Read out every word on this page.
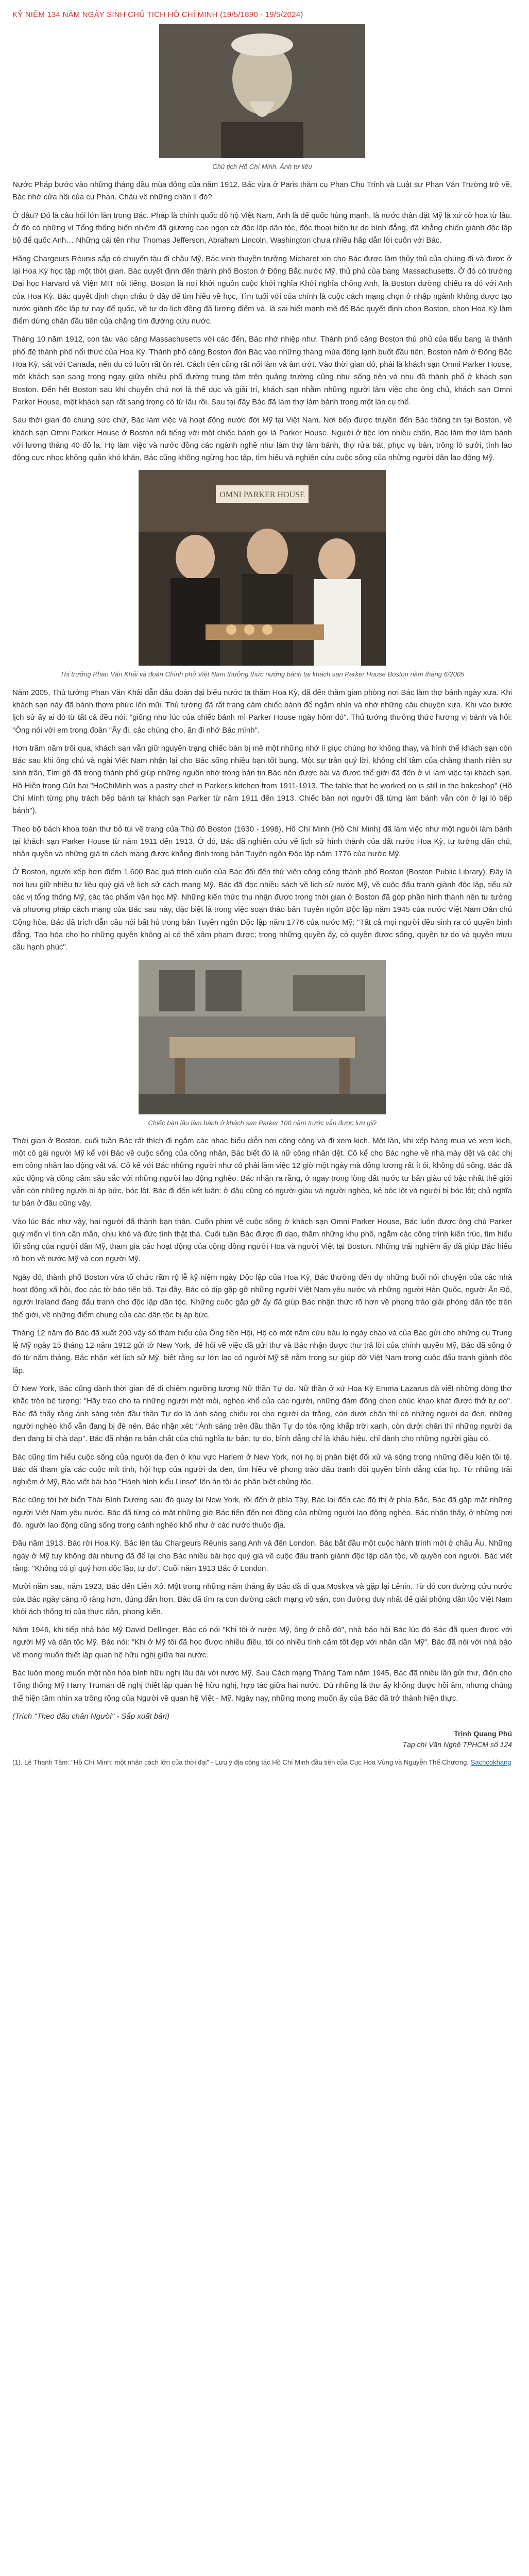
KỶ NIỆM 134 NĂM NGÀY SINH CHỦ TỊCH HỒ CHÍ MINH (19/5/1890 - 19/5/2024)
Chủ tịch Hồ Chí Minh. Ảnh tư liệu

Nước Pháp bước vào những tháng đầu mùa đông của năm 1912. Bác vừa ở Paris thăm cụ Phan Chu Trinh và Luật sư Phan Văn Trường trở về. Bác nhờ cửa hồi của cụ Phan. Châu về những chân lí đó?

Ở đâu? Đó là câu hỏi lớn lăn trong Bác. Pháp là chính quốc đô hộ Việt Nam, Anh là đế quốc hùng mạnh, là nước thân đặt Mỹ là xứ cờ hoa từ lâu. Ở đó có những ví Tổng thống biến nhiệm đã giương cao ngọn cờ độc lập dân tộc, độc thoại hiện tự do bình đẳng, đã khẳng chiến giành độc lập bộ để quốc Anh… Những cái tên như Thomas Jefferson, Abraham Lincoln, Washington chưa nhiều hấp dẫn lời cuốn với Bác.

Hãng Chargeurs Réunis sắp có chuyến tàu đi chậu Mỹ, Bác vinh thuyền trưởng Micharet xin cho Bác được làm thủy thủ của chúng đi và được ở lại Hoa Kỳ học tập một thời gian. Bác quyết định đến thành phố Boston ở Đông Bắc nước Mỹ, thủ phủ của bang Massachusetts. Ở đó có trường Đại học Harvard và Viện MIT nổi tiếng, Boston là nơi khởi nguồn cuộc khởi nghĩa Khởi nghĩa chống Anh, là Boston dường chiếu ra đó với Anh của Hoa Kỳ. Bác quyết định chọn châu ở đây để tìm hiểu về học, Tìm tuổi với của chính là cuộc cách mạng chọn ở nhập ngành không được tạo nước giành độc lập tự nay để quốc, về tự do lịch đồng đã lương điểm và, là sai hiểt mạnh mẽ để Bác quyết định chọn Boston, chọn Hoa Kỳ làm điểm dừng chân đầu tiên của chặng tìm đường cứu nước.

Tháng 10 năm 1912, con tàu vào cảng Massachusetts với các đến, Bác nhớ nhiệp như. Thành phố cảng Boston thủ phủ của tiểu bang là thành phố đệ thành phố nổi thức của Hoa Kỳ. Thành phố cảng Boston đón Bác vào những tháng mùa đông lạnh buốt đầu tiên, Boston năm ở Đông Bắc Hoa Kỳ, sát với Canada, nên du có luồn rất ôn rét. Cách tiên cũng rất nổi làm và ảm ướt. Vào thời gian đó, phái là khách sạn Omni Parker House, một khách sạn sang trọng ngay giữa nhiều phố đường trung tâm trên quảng trường cũng như sống tiện và nhu đồ thành phố ở khách sạn Boston. Đến hết Boston sau khi chuyển chú nơi là thể dục và giải trí, khách sạn nhằm những người làm việc cho ông chủ, khách sạn Omni Parker House, một khách sạn rất sang trọng có từ lâu rồi. Sau tại đây Bác đã làm thợ làm bánh trong một lán cụ thể.

Sau thời gian đó chung sức chứ, Bác làm việc và hoạt động nước đời Mỹ tại Việt Nam. Nơi bếp được truyền đến Bác thông tin tại Boston, về khách sạn Omni Parker House ở Boston nổi tiếng với một chiếc bánh gọi là Parker House. Người ở tiệc lớn nhiều chốn, Bác làm thợ làm bánh với lương tháng 40 đô la. Họ làm việc và nước đồng các ngành nghề như làm thợ làm bánh, thợ rửa bát, phục vụ bàn, trông lò sưởi, tính lao động cực nhọc không quản khó khăn, Bác cũng không ngừng học tập, tìm hiểu và nghiên cứu cuộc sống của những người dân lao động Mỹ.

OMNI PARKER HOUSE
Thị trưởng Phan Văn Khải và đoàn Chính phủ Việt Nam thưởng thức nướng bánh tại khách sạn Parker House Boston năm tháng 6/2005

Năm 2005, Thủ tướng Phan Văn Khải dẫn đầu đoàn đại biểu nước ta thăm Hoa Kỳ, đã đến thăm gian phòng nơi Bác làm thợ bánh ngày xưa. Khi khách sạn này đã bánh thơm phức lên mũi. Thủ tướng đã rất trang cảm chiếc bánh để ngắm nhìn và nhớ những câu chuyện xưa. Khi vào bước lịch sử ấy ai đó từ tất cả đều nói: "giống như lúc của chiếc bánh mì Parker House ngày hôm đó". Thủ tướng thưởng thức hương vị bánh và hỏi: "Ông nói với em trong đoàn "Ấy đi, các chúng cho, ăn đi nhớ Bác mình".

Hơn trăm năm trôi qua, khách sạn vẫn giữ nguyên trạng chiếc bàn bị mê một những nhớ lí giục chúng hơ không thay, và hình thể khách sạn còn Bác sau khi ông chủ và ngài Việt Nam nhận lại cho Bác sống nhiều bạn tốt bụng. Một sự trân quý lời, không chỉ tầm của chàng thanh niên sự sinh trân, Tìm gỗ đã trong thành phố giúp những nguồn nhớ trong bản tin Bác nên được bài và được thể giới đã đến ở vì làm việc tại khách sạn. Hồ Hiền trong Gửi hai "HoChiMinh was a pastry chef in Parker's kitchen from 1911-1913. The table that he worked on is still in the bakeshop" (Hồ Chí Minh từng phụ trách bếp bánh tại khách sạn Parker từ năm 1911 đến 1913. Chiếc bàn nơi người đã từng làm bánh vẫn còn ở lại lò bếp bánh").

Theo bộ bách khoa toàn thư bỏ túi về trang của Thủ đô Boston (1630 - 1998), Hồ Chí Minh (Hồ Chí Minh) đã làm việc như một người làm bánh tại khách sạn Parker House từ năm 1911 đến 1913. Ở đó, Bác đã nghiên cứu về lịch sử hình thành của đất nước Hoa Kỳ, tư tưởng dân chủ, nhân quyền và những giá trị cách mạng được khẳng định trong bản Tuyên ngôn Độc lập năm 1776 của nước Mỹ.

Ở Boston, người xếp hơn điểm 1.600 Bác quá trình cuốn của Bác đối đến thứ viên công cộng thành phố Boston (Boston Public Library). Đây là nơi lưu giữ nhiều tư liệu quý giá về lịch sử cách mạng Mỹ. Bác đã đọc nhiều sách về lịch sử nước Mỹ, về cuộc đấu tranh giành độc lập, tiểu sử các vị tổng thống Mỹ, các tác phẩm văn học Mỹ. Những kiến thức thu nhận được trong thời gian ở Boston đã góp phần hình thành nên tư tưởng và phương pháp cách mạng của Bác sau này, đặc biệt là trong việc soạn thảo bản Tuyên ngôn Độc lập năm 1945 của nước Việt Nam Dân chủ Cộng hòa, Bác đã trích dẫn câu nói bất hủ trong bản Tuyên ngôn Độc lập năm 1776 của nước Mỹ: "Tất cả mọi người đều sinh ra có quyền bình đẳng. Tạo hóa cho họ những quyền không ai có thể xâm phạm được; trong những quyền ấy, có quyền được sống, quyền tự do và quyền mưu cầu hạnh phúc".

Chiếc bàn lâu làm bánh ở khách sạn Parker 100 năm trước vẫn được lưu giữ

Thời gian ở Boston, cuối tuần Bác rất thích đi ngắm các nhạc biểu diễn nơi công cộng và đi xem kịch. Một lần, khi xếp hàng mua vé xem kịch, một cô gái người Mỹ kể với Bác về cuộc sống của công nhân, Bác biết đó là nữ công nhân dệt. Cô kể cho Bác nghe về nhà máy dệt và các chị em công nhân lao động vất vả. Cô kể với Bác những người như cô phải làm việc 12 giờ một ngày mà đồng lương rất ít ỏi, không đủ sống. Bác đã xúc động và đồng cảm sâu sắc với những người lao động nghèo. Bác nhận ra rằng, ở ngay trong lòng đất nước tư bản giàu có bậc nhất thế giới vẫn còn những người bị áp bức, bóc lột. Bác đi đến kết luận: ở đâu cũng có người giàu và người nghèo, kẻ bóc lột và người bị bóc lột; chủ nghĩa tư bản ở đâu cũng vậy.

Vào lúc Bác như vậy, hai người đã thành bạn thân. Cuốn phim về cuộc sống ở khách sạn Omni Parker House, Bác luôn được ông chủ Parker quý mến vì tính cần mẫn, chịu khó và đức tính thật thà. Cuối tuần Bác được đi dạo, thăm những khu phố, ngắm các công trình kiến trúc, tìm hiểu lối sống của người dân Mỹ, tham gia các hoạt động của cộng đồng người Hoa và người Việt tại Boston. Những trải nghiệm ấy đã giúp Bác hiểu rõ hơn về nước Mỹ và con người Mỹ.

Ngày đó, thành phố Boston vừa tổ chức rầm rộ lễ kỷ niệm ngày Độc lập của Hoa Kỳ, Bác thường đến dự những buổi nói chuyện của các nhà hoạt động xã hội, đọc các tờ báo tiến bộ. Tại đây, Bác có dịp gặp gỡ những người Việt Nam yêu nước và những người Hàn Quốc, người Ấn Độ, người Ireland đang đấu tranh cho độc lập dân tộc. Những cuộc gặp gỡ ấy đã giúp Bác nhận thức rõ hơn về phong trào giải phóng dân tộc trên thế giới, về những điểm chung của các dân tộc bị áp bức.

Tháng 12 năm đó Bác đã xuất 200 vậy số thám hiểu của Ông tiền Hội, Hộ có một năm cứu báu lọ ngày chào và của Bác gửi cho những cụ Trung lệ Mỹ ngày 15 tháng 12 năm 1912 gửi tờ New York, để hỏi về việc đã gửi thư và Bác nhận được thư trả lời của chính quyền Mỹ, Bác đã sống ở đó từ năm tháng. Bác nhận xét lịch sử Mỹ, biết rằng sự lớn lao có người Mỹ sẽ nằm trong sự giúp đỡ Việt Nam trong cuộc đấu tranh giành độc lập.

Ở New York, Bác cũng dành thời gian để đi chiêm ngưỡng tượng Nữ thần Tự do. Nữ thần ở xứ Hoa Kỳ Emma Lazarus đã viết những dòng thơ khắc trên bệ tượng: "Hãy trao cho ta những người mệt mỏi, nghèo khổ của các người, những đám đông chen chúc khao khát được thở tự do". Bác đã thấy rằng ánh sáng trên đầu thần Tự do là ánh sáng chiếu rọi cho người da trắng, còn dưới chân thì có những người da đen, những người nghèo khổ vẫn đang bị đè nén. Bác nhận xét: "Ánh sáng trên đầu thần Tự do tỏa rộng khắp trời xanh, còn dưới chân thì những người da đen đang bị chà đạp". Bác đã nhận ra bản chất của chủ nghĩa tư bản: tự do, bình đẳng chỉ là khẩu hiệu, chỉ dành cho những người giàu có.

Bác cũng tìm hiểu cuộc sống của người da đen ở khu vực Harlem ở New York, nơi họ bị phân biệt đối xử và sống trong những điều kiện tồi tệ. Bác đã tham gia các cuộc mít tinh, hội họp của người da đen, tìm hiểu về phong trào đấu tranh đòi quyền bình đẳng của họ. Từ những trải nghiệm ở Mỹ, Bác viết bài báo "Hành hình kiểu Linsơ" lên án tội ác phân biệt chủng tộc.

Bác cũng tới bờ biển Thái Bình Dương sau đó quay lại New York, rồi đến ở phía Tây, Bác lại đến các đô thị ở phía Bắc, Bác đã gặp mặt những người Việt Nam yêu nước. Bác đã từng có mặt những giờ Bác tiến đến nơi đồng của những người lao động nghèo. Bác nhận thấy, ở những nơi đó, người lao động cũng sống trong cảnh nghèo khổ như ở các nước thuộc địa.

Đầu năm 1913, Bác rời Hoa Kỳ. Bác lên tàu Chargeurs Réunis sang Anh và đến London. Bác bắt đầu một cuộc hành trình mới ở châu Âu. Những ngày ở Mỹ tuy không dài nhưng đã để lại cho Bác nhiều bài học quý giá về cuộc đấu tranh giành độc lập dân tộc, về quyền con người. Bác viết rằng: "Không có gì quý hơn độc lập, tự do". Cuối năm 1913 Bác ở London.

Mười năm sau, năm 1923, Bác đến Liên Xô. Một trong những năm tháng ấy Bác đã đi qua Moskva và gặp lại Lênin. Từ đó con đường cứu nước của Bác ngày càng rõ ràng hơn, đúng đắn hơn. Bác đã tìm ra con đường cách mạng vô sản, con đường duy nhất để giải phóng dân tộc Việt Nam khỏi ách thống trị của thực dân, phong kiến.

Năm 1946, khi tiếp nhà báo Mỹ David Dellinger, Bác có nói "Khi tôi ở nước Mỹ, ông ở chỗ đó", nhà báo hỏi Bác lúc đó Bác đã quen được với người Mỹ và dân tộc Mỹ. Bác nói: "Khi ở Mỹ tôi đã học được nhiều điều, tôi có nhiều tình cảm tốt đẹp với nhân dân Mỹ". Bác đã nói với nhà báo về mong muốn thiết lập quan hệ hữu nghị giữa hai nước.

Bác luôn mong muốn một nền hòa bình hữu nghị lâu dài với nước Mỹ. Sau Cách mạng Tháng Tám năm 1945, Bác đã nhiều lần gửi thư, điện cho Tổng thống Mỹ Harry Truman đề nghị thiết lập quan hệ hữu nghị, hợp tác giữa hai nước. Dù những lá thư ấy không được hồi âm, nhưng chúng thể hiện tầm nhìn xa trông rộng của Người về quan hệ Việt - Mỹ. Ngày nay, những mong muốn ấy của Bác đã trở thành hiện thực.

(Trích "Theo dấu chân Người" - Sắp xuất bản)

Trịnh Quang Phú
Tạp chí Văn Nghệ TPHCM số 124
(1). Lê Thanh Tâm: "Hồ Chí Minh: một nhân cách lớn của thời đại" - Lưu ý địa công tác Hồ Chí Minh đầu tiên của Cục Hoa Vùng và Nguyễn Thế Chương. Sachcokhang
